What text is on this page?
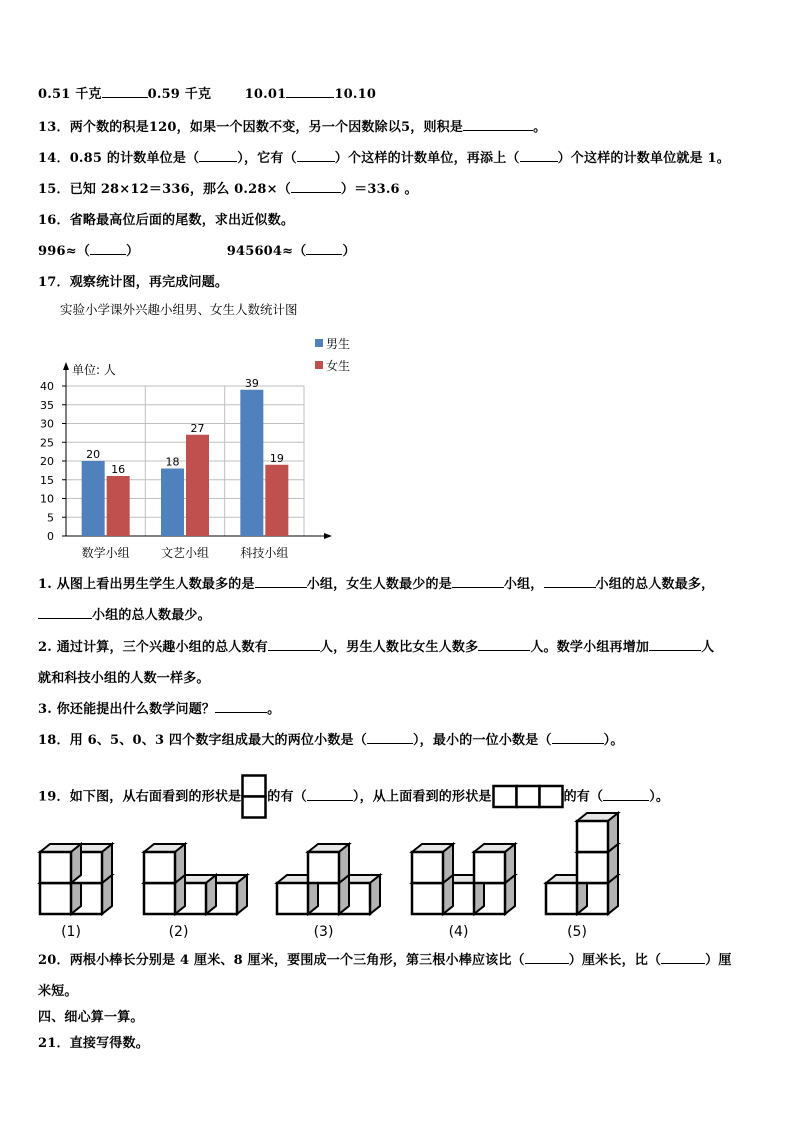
0.51 千克	0.59 千克	10.01	10.10
13．两个数的积是120，如果一个因数不变，另一个因数除以5，则积是	。
14．0.85 的计数单位是（	），它有（	）个这样的计数单位，再添上（	）个这样的计数单位就是 1。
15．已知 28×12＝336，那么 0.28×（	）＝33.6 。
16．省略最高位后面的尾数，求出近似数。
996≈（	）	945604≈（	）
17．观察统计图，再完成问题。
实验小学课外兴趣小组男、女生人数统计图
0
5
10
15
20
25
30
35
40
单位: 人
20
16
数学小组
18
27
文艺小组
39
19
科技小组
男生
女生
1. 从图上看出男生学生人数最多的是	小组，女生人数最少的是	小组，	小组的总人数最多，
小组的总人数最少。
2. 通过计算，三个兴趣小组的总人数有	人，男生人数比女生人数多	人。数学小组再增加	人
就和科技小组的人数一样多。
3. 你还能提出什么数学问题？	。
18．用 6、5、0、3 四个数字组成最大的两位小数是（	），最小的一位小数是（	）。
19．如下图，从右面看到的形状是 的有（	），从上面看到的形状是	的有（	）。
(1)	(2)	(3)	(4)	(5)
20．两根小棒长分别是 4 厘米、8 厘米，要围成一个三角形，第三根小棒应该比（	）厘米长，比（	）厘
米短。
四、细心算一算。
21．直接写得数。
